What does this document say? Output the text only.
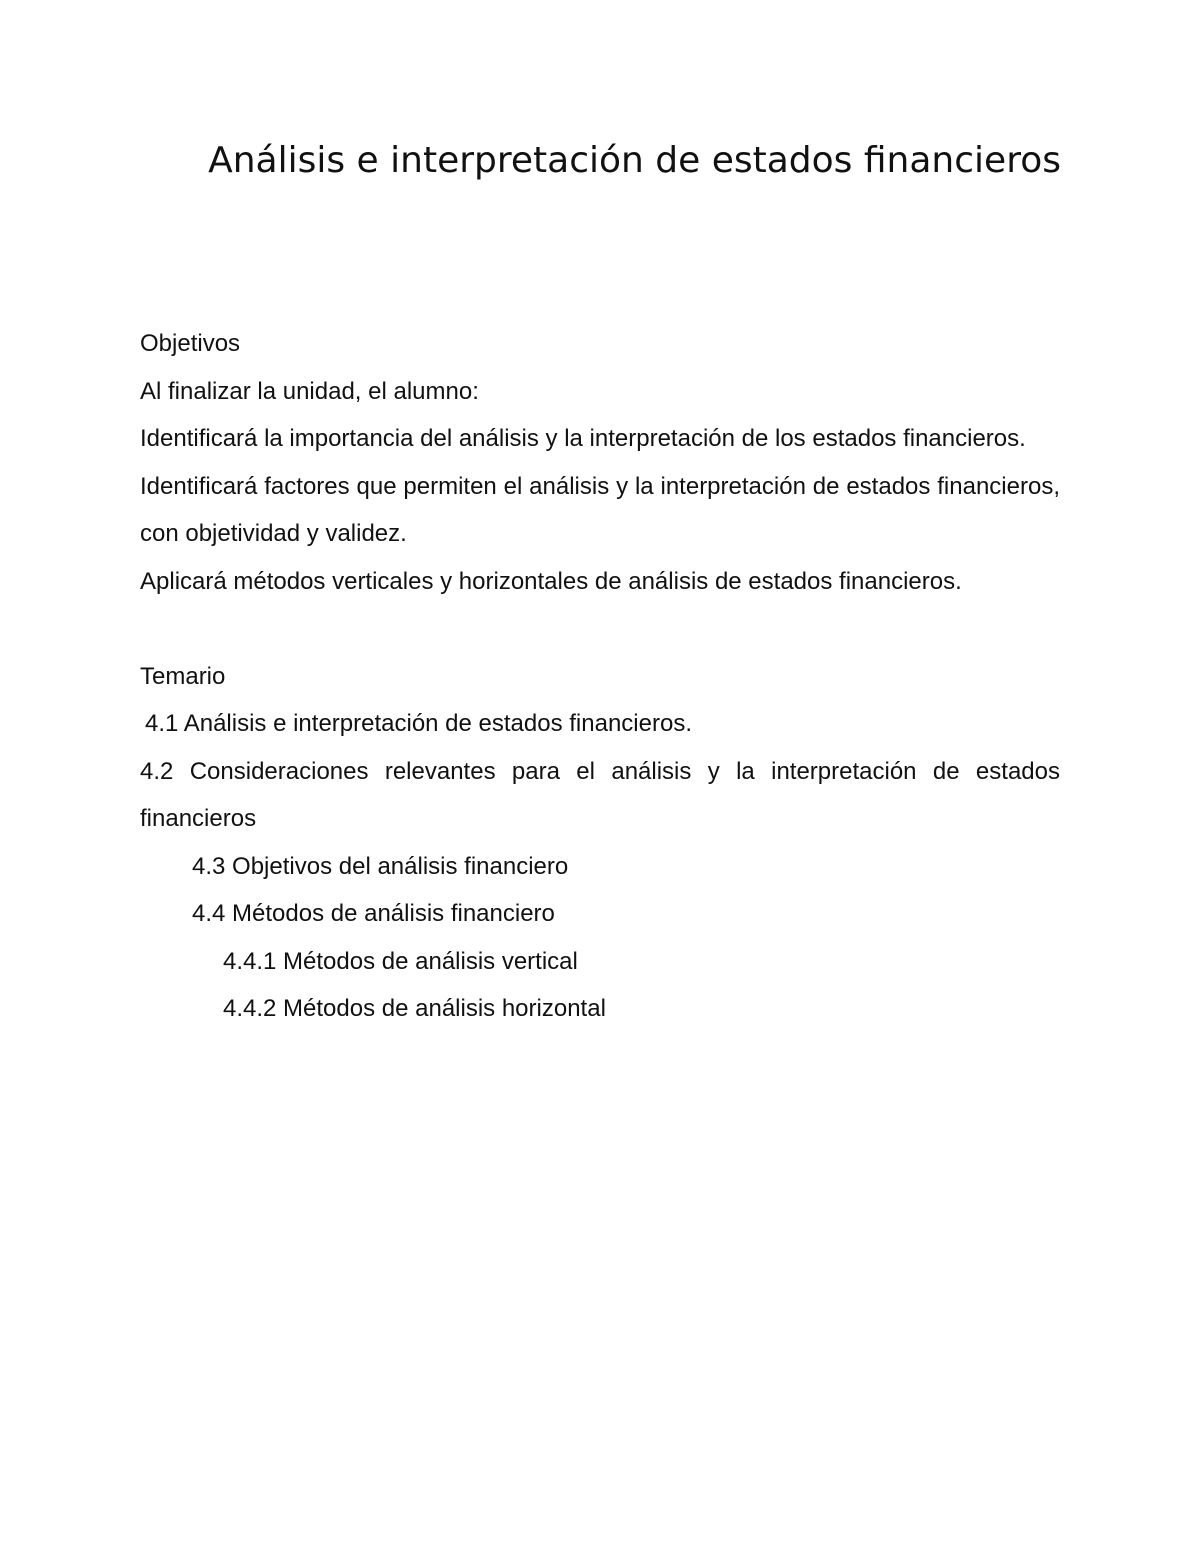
Análisis e interpretación de estados financieros

Objetivos

Al finalizar la unidad, el alumno:

Identificará la importancia del análisis y la interpretación de los estados financieros.

Identificará factores que permiten el análisis y la interpretación de estados financieros, con objetividad y validez.

Aplicará métodos verticales y horizontales de análisis de estados financieros.

Temario

4.1 Análisis e interpretación de estados financieros.

4.2 Consideraciones relevantes para el análisis y la interpretación de estados financieros

4.3 Objetivos del análisis financiero

4.4 Métodos de análisis financiero

4.4.1 Métodos de análisis vertical

4.4.2 Métodos de análisis horizontal
